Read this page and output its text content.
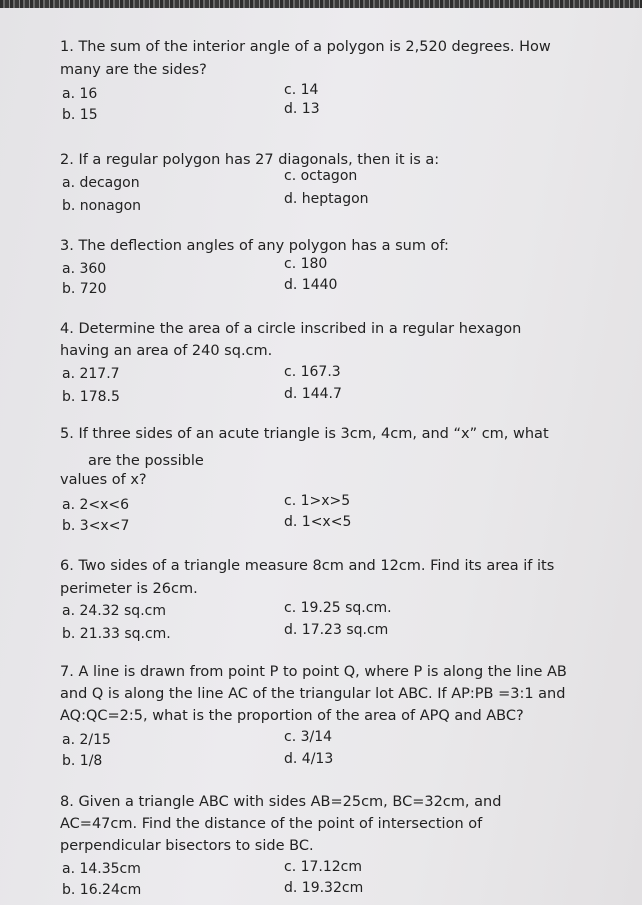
1. The sum of the interior angle of a polygon is 2,520 degrees. How
many are the sides?
a. 16	c. 14
b. 15	d. 13
2. If a regular polygon has 27 diagonals, then it is a:
a. decagon	c. octagon
b. nonagon	d. heptagon
3. The deflection angles of any polygon has a sum of:
a. 360	c. 180
b. 720	d. 1440
4. Determine the area of a circle inscribed in a regular hexagon
having an area of 240 sq.cm.
a. 217.7	c. 167.3
b. 178.5	d. 144.7
5. If three sides of an acute triangle is 3cm, 4cm, and “x” cm, what
are the possible
values of x?
a. 2<x<6	c. 1>x>5
b. 3<x<7	d. 1<x<5
6. Two sides of a triangle measure 8cm and 12cm. Find its area if its
perimeter is 26cm.
a. 24.32 sq.cm	c. 19.25 sq.cm.
b. 21.33 sq.cm.	d. 17.23 sq.cm
7. A line is drawn from point P to point Q, where P is along the line AB
and Q is along the line AC of the triangular lot ABC. If AP:PB =3:1 and
AQ:QC=2:5, what is the proportion of the area of APQ and ABC?
a. 2/15	c. 3/14
b. 1/8	d. 4/13
8. Given a triangle ABC with sides AB=25cm, BC=32cm, and
AC=47cm. Find the distance of the point of intersection of
perpendicular bisectors to side BC.
a. 14.35cm	c. 17.12cm
b. 16.24cm	d. 19.32cm
